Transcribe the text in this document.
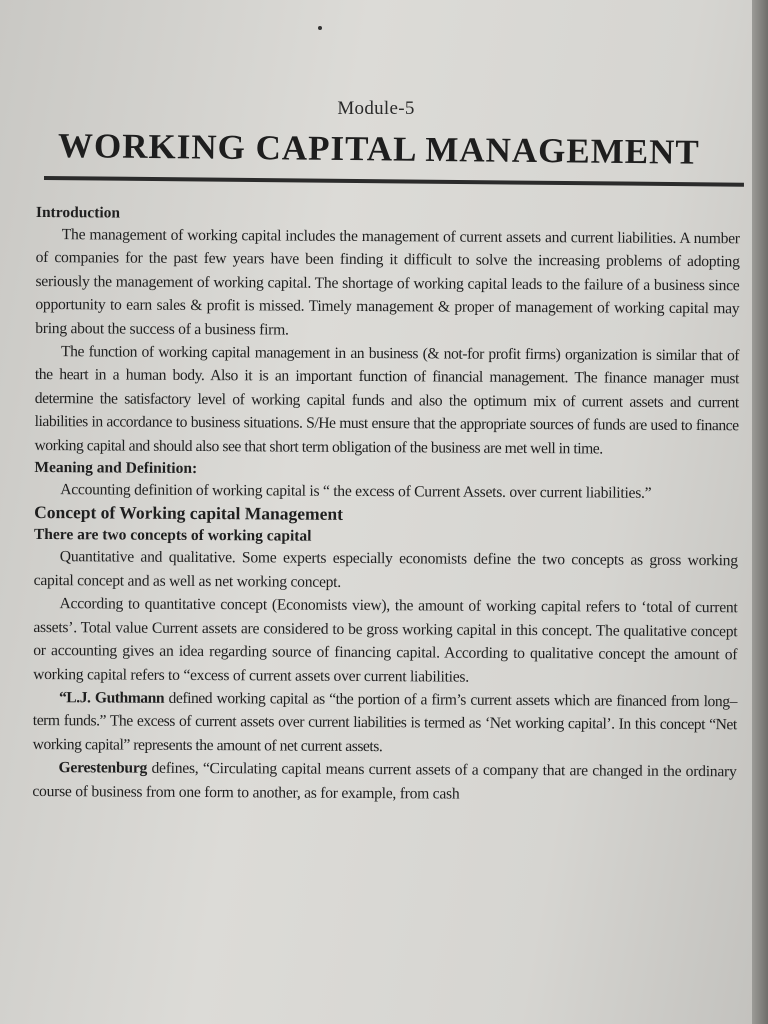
Module-5
WORKING CAPITAL MANAGEMENT
Introduction

The management of working capital includes the management of current assets and current liabilities. A number of companies for the past few years have been finding it difficult to solve the increasing problems of adopting seriously the management of working capital. The shortage of working capital leads to the failure of a business since opportunity to earn sales & profit is missed. Timely management & proper of management of working capital may bring about the success of a business firm.

The function of working capital management in an business (& not-for profit firms) organization is similar that of the heart in a human body. Also it is an important function of financial management. The finance manager must determine the satisfactory level of working capital funds and also the optimum mix of current assets and current liabilities in accordance to business situations. S/He must ensure that the appropriate sources of funds are used to finance working capital and should also see that short term obligation of the business are met well in time.

Meaning and Definition:

Accounting definition of working capital is “ the excess of Current Assets. over current liabilities.”

Concept of Working capital Management
There are two concepts of working capital

Quantitative and qualitative. Some experts especially economists define the two concepts as gross working capital concept and as well as net working concept.

According to quantitative concept (Economists view), the amount of working capital refers to ‘total of current assets’. Total value Current assets are considered to be gross working capital in this concept. The qualitative concept or accounting gives an idea regarding source of financing capital. According to qualitative concept the amount of working capital refers to “excess of current assets over current liabilities.

“L.J. Guthmann defined working capital as “the portion of a firm’s current assets which are financed from long–term funds.” The excess of current assets over current liabilities is termed as ‘Net working capital’. In this concept “Net working capital” represents the amount of net current assets.

Gerestenburg defines, “Circulating capital means current assets of a company that are changed in the ordinary course of business from one form to another, as for example, from cash
